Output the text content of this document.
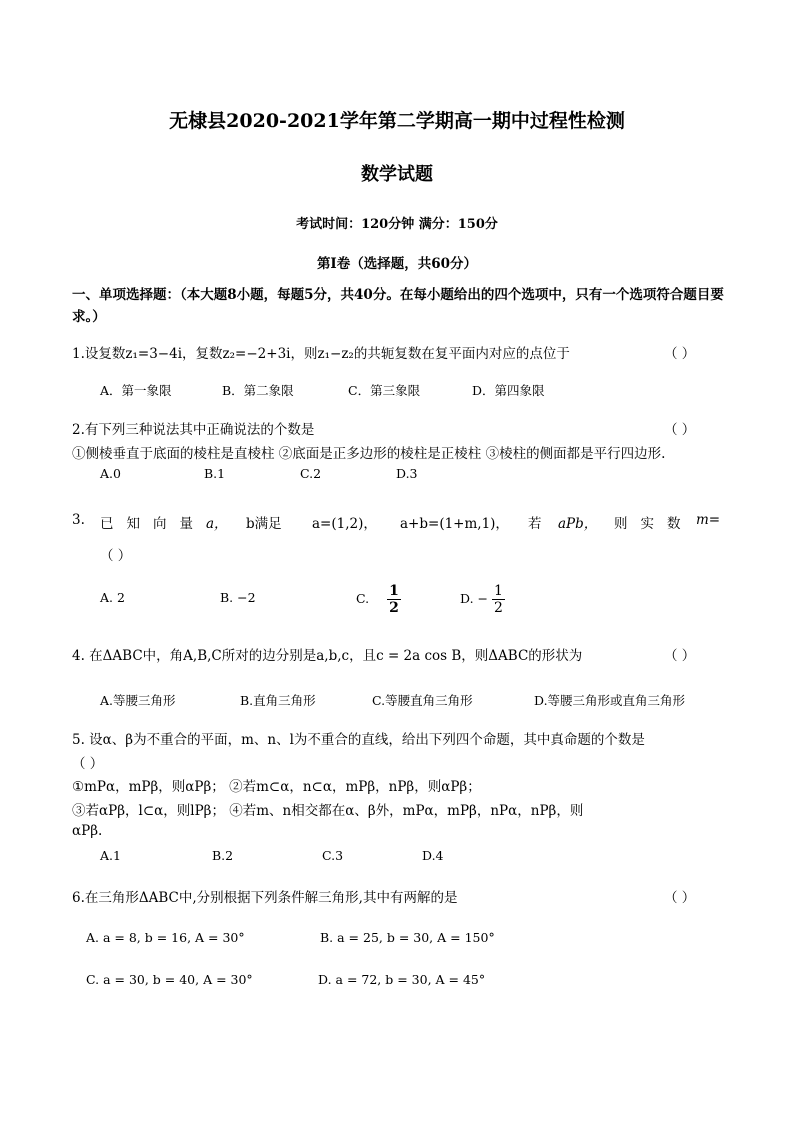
无棣县2020-2021学年第二学期高一期中过程性检测
数学试题
考试时间：120分钟 满分：150分
第Ⅰ卷（选择题，共60分）
一、单项选择题：（本大题8小题，每题5分，共40分。在每小题给出的四个选项中，只有一个选项符合题目要求。）
1.设复数z₁=3−4i，复数z₂=−2+3i，则z₁−z₂的共轭复数在复平面内对应的点位于	（ ）
A．第一象限	B．第二象限	C．第三象限	D．第四象限
2.有下列三种说法其中正确说法的个数是	（ ）
①侧棱垂直于底面的棱柱是直棱柱 ②底面是正多边形的棱柱是正棱柱 ③棱柱的侧面都是平行四边形.
A.0	B.1	C.2	D.3
3. 已知向量 a， b满足 a=(1,2)， a+b=(1+m,1)， 若 aPb， 则实数 m=
（ ）
A. 2	B. −2	C. $\frac{1}{2}$	D. − $\frac{1}{2}$
4. 在ΔABC中，角A,B,C所对的边分别是a,b,c，且c = 2a cos B，则ΔABC的形状为	（ ）
A.等腰三角形	B.直角三角形	C.等腰直角三角形	D.等腰三角形或直角三角形
5. 设α、β为不重合的平面，m、n、l为不重合的直线，给出下列四个命题，其中真命题的个数是
（ ）
①mPα，mPβ，则αPβ； ②若m⊂α，n⊂α，mPβ，nPβ，则αPβ；
③若αPβ，l⊂α，则lPβ； ④若m、n相交都在α、β外，mPα，mPβ，nPα，nPβ，则
αPβ.
A.1	B.2	C.3	D.4
6.在三角形ΔABC中,分别根据下列条件解三角形,其中有两解的是	（ ）
A. a = 8, b = 16, A = 30°	B. a = 25, b = 30, A = 150°
C. a = 30, b = 40, A = 30°	D. a = 72, b = 30, A = 45°
